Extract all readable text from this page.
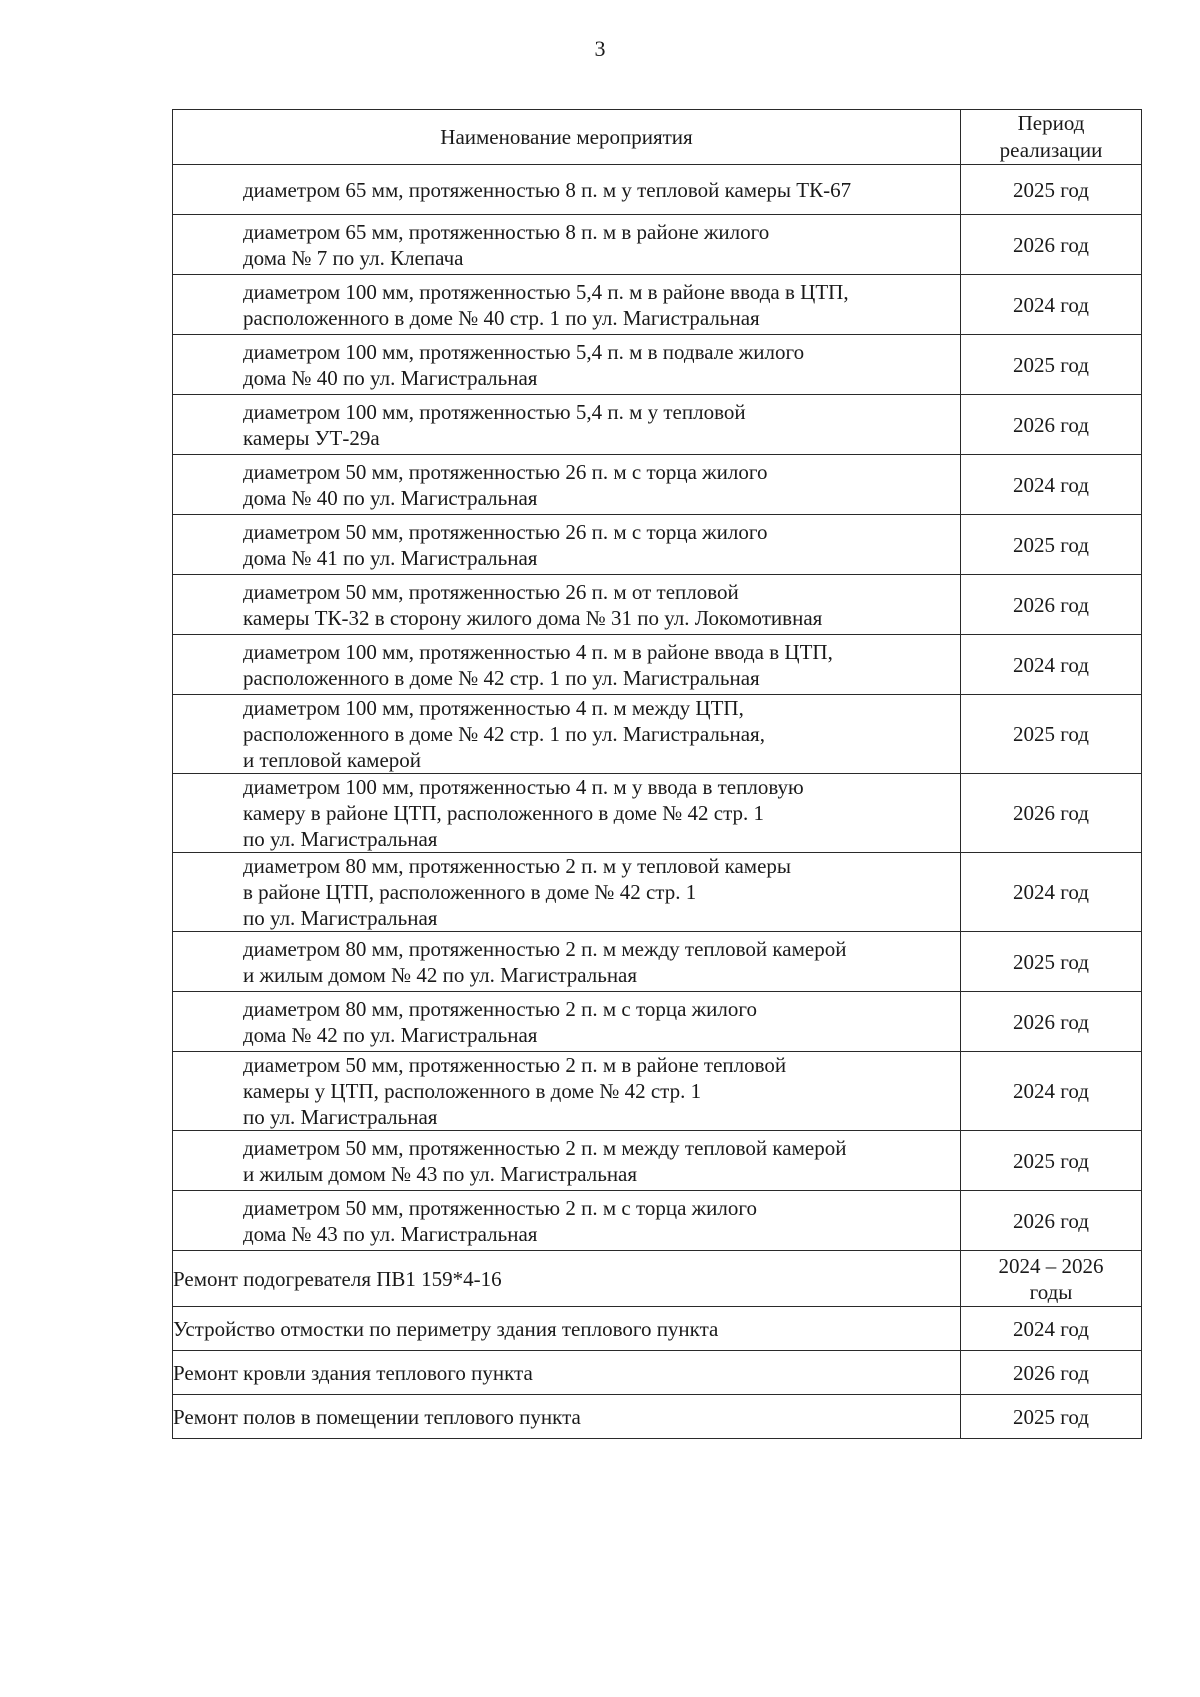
3
Наименование мероприятия	Период
реализации

диаметром 65 мм, протяженностью 8 п. м у тепловой камеры ТК-67	2025 год

диаметром 65 мм, протяженностью 8 п. м в районе жилого
дома № 7 по ул. Клепача	2026 год

диаметром 100 мм, протяженностью 5,4 п. м в районе ввода в ЦТП,
расположенного в доме № 40 стр. 1 по ул. Магистральная	2024 год

диаметром 100 мм, протяженностью 5,4 п. м в подвале жилого
дома № 40 по ул. Магистральная	2025 год

диаметром 100 мм, протяженностью 5,4 п. м у тепловой
камеры УТ-29а	2026 год

диаметром 50 мм, протяженностью 26 п. м с торца жилого
дома № 40 по ул. Магистральная	2024 год

диаметром 50 мм, протяженностью 26 п. м с торца жилого
дома № 41 по ул. Магистральная	2025 год

диаметром 50 мм, протяженностью 26 п. м от тепловой
камеры ТК-32 в сторону жилого дома № 31 по ул. Локомотивная	2026 год

диаметром 100 мм, протяженностью 4 п. м в районе ввода в ЦТП,
расположенного в доме № 42 стр. 1 по ул. Магистральная	2024 год

диаметром 100 мм, протяженностью 4 п. м между ЦТП,
расположенного в доме № 42 стр. 1 по ул. Магистральная,
и тепловой камерой	2025 год

диаметром 100 мм, протяженностью 4 п. м у ввода в тепловую
камеру в районе ЦТП, расположенного в доме № 42 стр. 1
по ул. Магистральная	2026 год

диаметром 80 мм, протяженностью 2 п. м у тепловой камеры
в районе ЦТП, расположенного в доме № 42 стр. 1
по ул. Магистральная	2024 год

диаметром 80 мм, протяженностью 2 п. м между тепловой камерой
и жилым домом № 42 по ул. Магистральная	2025 год

диаметром 80 мм, протяженностью 2 п. м с торца жилого
дома № 42 по ул. Магистральная	2026 год

диаметром 50 мм, протяженностью 2 п. м в районе тепловой
камеры у ЦТП, расположенного в доме № 42 стр. 1
по ул. Магистральная	2024 год

диаметром 50 мм, протяженностью 2 п. м между тепловой камерой
и жилым домом № 43 по ул. Магистральная	2025 год

диаметром 50 мм, протяженностью 2 п. м с торца жилого
дома № 43 по ул. Магистральная	2026 год

Ремонт подогревателя ПВ1 159*4-16	2024 – 2026
годы

Устройство отмостки по периметру здания теплового пункта	2024 год

Ремонт кровли здания теплового пункта	2026 год

Ремонт полов в помещении теплового пункта	2025 год
